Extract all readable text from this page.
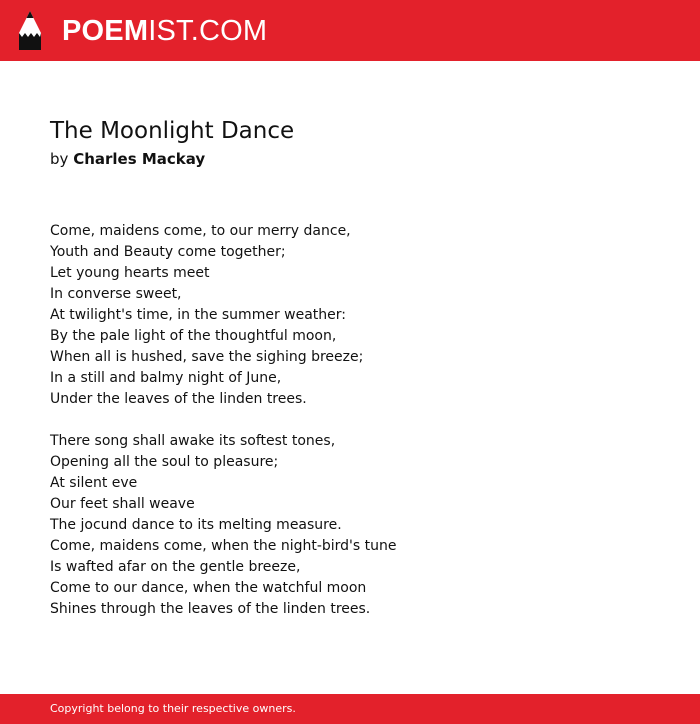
POEMIST.COM
The Moonlight Dance
by Charles Mackay
Come, maidens come, to our merry dance,
Youth and Beauty come together;
Let young hearts meet
In converse sweet,
At twilight's time, in the summer weather:
By the pale light of the thoughtful moon,
When all is hushed, save the sighing breeze;
In a still and balmy night of June,
Under the leaves of the linden trees.
There song shall awake its softest tones,
Opening all the soul to pleasure;
At silent eve
Our feet shall weave
The jocund dance to its melting measure.
Come, maidens come, when the night-bird's tune
Is wafted afar on the gentle breeze,
Come to our dance, when the watchful moon
Shines through the leaves of the linden trees.
Copyright belong to their respective owners.
